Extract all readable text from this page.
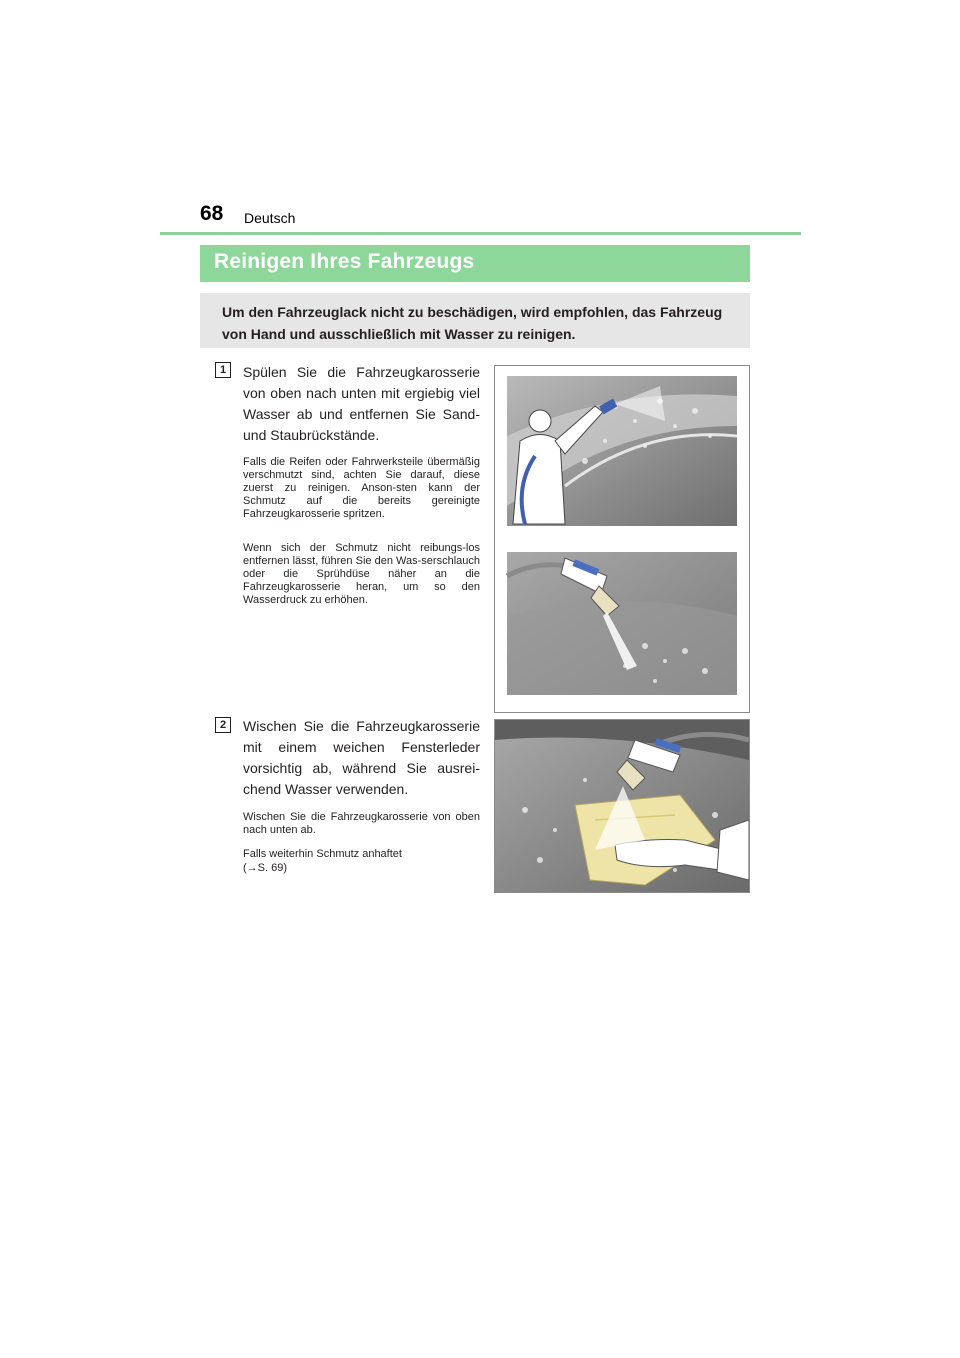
68 Deutsch
Reinigen Ihres Fahrzeugs
Um den Fahrzeuglack nicht zu beschädigen, wird empfohlen, das Fahrzeug von Hand und ausschließlich mit Wasser zu reinigen.
1	Spülen Sie die Fahrzeugkarosserie von oben nach unten mit ergiebig viel Wasser ab und entfernen Sie Sand- und Staubrückstände.
Falls die Reifen oder Fahrwerksteile übermäßig verschmutzt sind, achten Sie darauf, diese zuerst zu reinigen. Anson-sten kann der Schmutz auf die bereits gereinigte Fahrzeugkarosserie spritzen.
Wenn sich der Schmutz nicht reibungs-los entfernen lässt, führen Sie den Was-serschlauch oder die Sprühdüse näher an die Fahrzeugkarosserie heran, um so den Wasserdruck zu erhöhen.
2	Wischen Sie die Fahrzeugkarosserie mit einem weichen Fensterleder vorsichtig ab, während Sie ausrei-chend Wasser verwenden.
Wischen Sie die Fahrzeugkarosserie von oben nach unten ab.
Falls weiterhin Schmutz anhaftet
(→S. 69)
